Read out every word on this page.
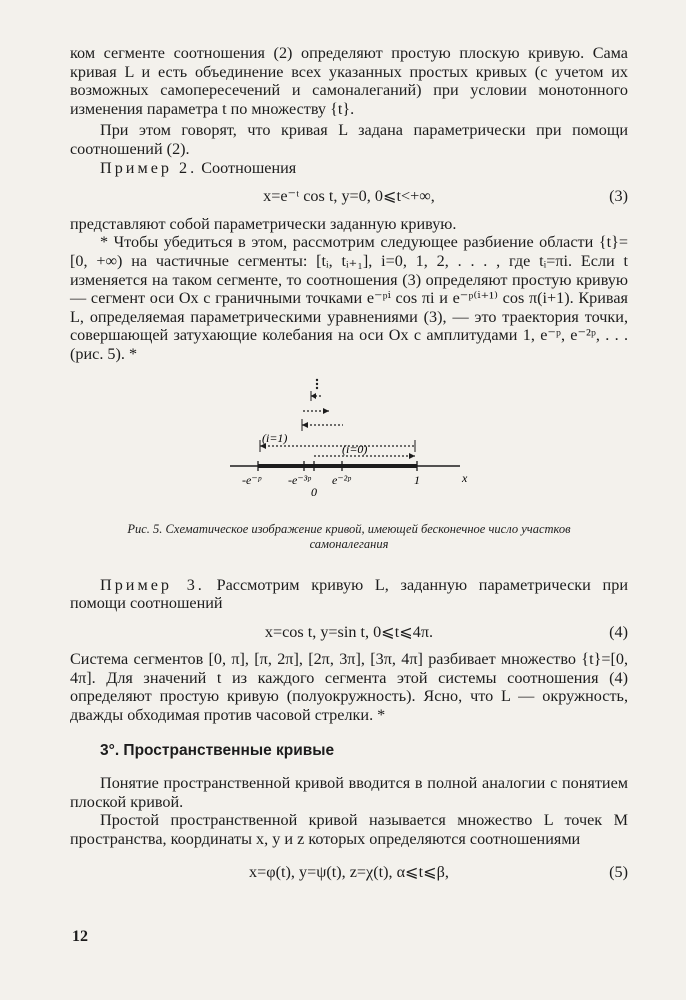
ком сегменте соотношения (2) определяют простую плоскую кривую. Сама кривая L и есть объединение всех указанных простых кривых (с учетом их возможных самопересечений и самоналеганий) при условии монотонного изменения параметра t по множеству {t}.

При этом говорят, что кривая L задана параметрически при помощи соотношений (2).

Пример 2. Соотношения

x=e⁻ᵗ cos t, y=0, 0⩽t<+∞,	(3)

представляют собой параметрически заданную кривую.

* Чтобы убедиться в этом, рассмотрим следующее разбиение области {t}=[0, +∞) на частичные сегменты: [tᵢ, tᵢ₊₁], i=0, 1, 2, . . . , где tᵢ=πi. Если t изменяется на таком сегменте, то соотношения (3) определяют простую кривую — сегмент оси Ox с граничными точками e⁻ᵖⁱ cos πi и e⁻ᵖ⁽ⁱ⁺¹⁾ cos π(i+1). Кривая L, определяемая параметрическими уравнениями (3), — это траектория точки, совершающей затухающие колебания на оси Ox с амплитудами 1, e⁻ᵖ, e⁻²ᵖ, . . . (рис. 5). *

(i=1)
(i=0)
-e⁻ᵖ -e⁻³ᵖ
0
e⁻²ᵖ	1	x

Рис. 5. Схематическое изображение кривой, имеющей бесконечное число участков самоналегания

Пример 3. Рассмотрим кривую L, заданную параметрически при помощи соотношений

x=cos t, y=sin t, 0⩽t⩽4π.	(4)

Система сегментов [0, π], [π, 2π], [2π, 3π], [3π, 4π] разбивает множество {t}=[0, 4π]. Для значений t из каждого сегмента этой системы соотношения (4) определяют простую кривую (полуокружность). Ясно, что L — окружность, дважды обходимая против часовой стрелки. *

3°. Пространственные кривые

Понятие пространственной кривой вводится в полной аналогии с понятием плоской кривой.

Простой пространственной кривой называется множество L точек M пространства, координаты x, y и z которых определяются соотношениями

x=φ(t), y=ψ(t), z=χ(t), α⩽t⩽β,	(5)
12
